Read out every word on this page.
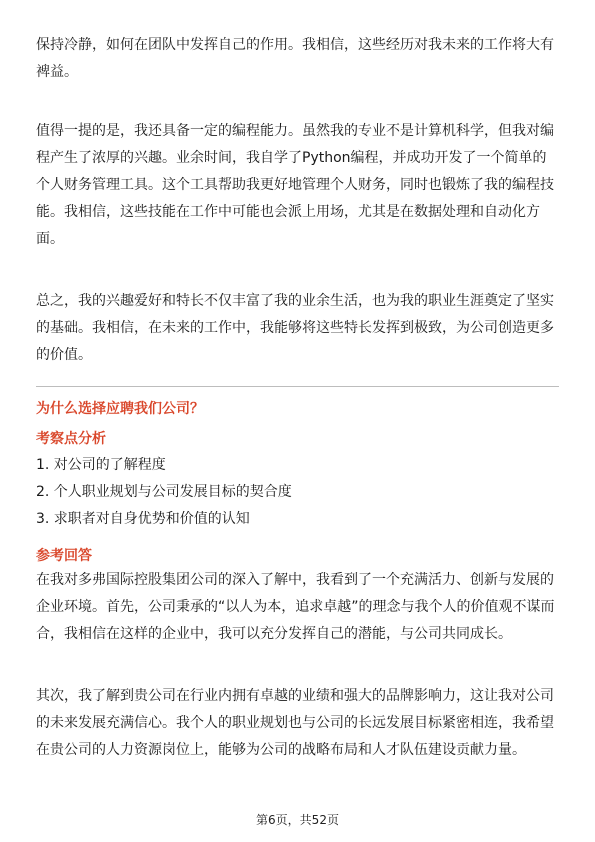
保持冷静，如何在团队中发挥自己的作用。我相信，这些经历对我未来的工作将大有裨益。

值得一提的是，我还具备一定的编程能力。虽然我的专业不是计算机科学，但我对编程产生了浓厚的兴趣。业余时间，我自学了Python编程，并成功开发了一个简单的个人财务管理工具。这个工具帮助我更好地管理个人财务，同时也锻炼了我的编程技能。我相信，这些技能在工作中可能也会派上用场，尤其是在数据处理和自动化方面。

总之，我的兴趣爱好和特长不仅丰富了我的业余生活，也为我的职业生涯奠定了坚实的基础。我相信，在未来的工作中，我能够将这些特长发挥到极致，为公司创造更多的价值。

为什么选择应聘我们公司？

考察点分析

1. 对公司的了解程度
2. 个人职业规划与公司发展目标的契合度
3. 求职者对自身优势和价值的认知

参考回答

在我对多弗国际控股集团公司的深入了解中，我看到了一个充满活力、创新与发展的企业环境。首先，公司秉承的“以人为本，追求卓越”的理念与我个人的价值观不谋而合，我相信在这样的企业中，我可以充分发挥自己的潜能，与公司共同成长。

其次，我了解到贵公司在行业内拥有卓越的业绩和强大的品牌影响力，这让我对公司的未来发展充满信心。我个人的职业规划也与公司的长远发展目标紧密相连，我希望在贵公司的人力资源岗位上，能够为公司的战略布局和人才队伍建设贡献力量。

第6页，共52页
